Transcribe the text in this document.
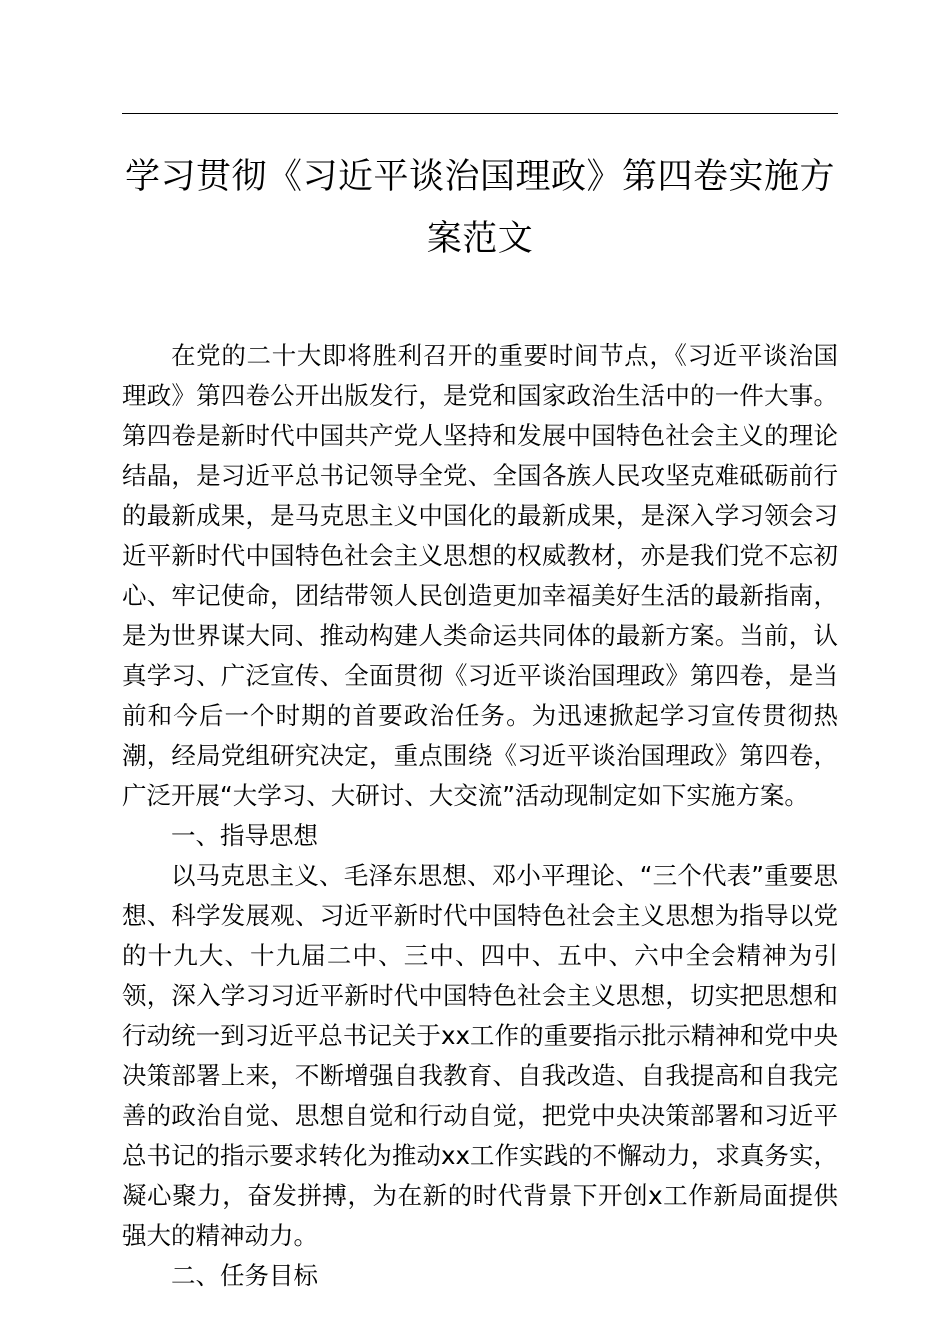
学习贯彻《习近平谈治国理政》第四卷实施方
案范文

在党的二十大即将胜利召开的重要时间节点，《习近平谈治国理政》第四卷公开出版发行，是党和国家政治生活中的一件大事。第四卷是新时代中国共产党人坚持和发展中国特色社会主义的理论结晶，是习近平总书记领导全党、全国各族人民攻坚克难砥砺前行的最新成果，是马克思主义中国化的最新成果，是深入学习领会习近平新时代中国特色社会主义思想的权威教材，亦是我们党不忘初心、牢记使命，团结带领人民创造更加幸福美好生活的最新指南，是为世界谋大同、推动构建人类命运共同体的最新方案。当前，认真学习、广泛宣传、全面贯彻《习近平谈治国理政》第四卷，是当前和今后一个时期的首要政治任务。为迅速掀起学习宣传贯彻热潮，经局党组研究决定，重点围绕《习近平谈治国理政》第四卷，广泛开展“大学习、大研讨、大交流”活动现制定如下实施方案。

一、指导思想

以马克思主义、毛泽东思想、邓小平理论、“三个代表”重要思想、科学发展观、习近平新时代中国特色社会主义思想为指导以党的十九大、十九届二中、三中、四中、五中、六中全会精神为引领，深入学习习近平新时代中国特色社会主义思想，切实把思想和行动统一到习近平总书记关于xx工作的重要指示批示精神和党中央决策部署上来，不断增强自我教育、自我改造、自我提高和自我完善的政治自觉、思想自觉和行动自觉，把党中央决策部署和习近平总书记的指示要求转化为推动xx工作实践的不懈动力，求真务实，凝心聚力，奋发拼搏，为在新的时代背景下开创x工作新局面提供强大的精神动力。

二、任务目标
